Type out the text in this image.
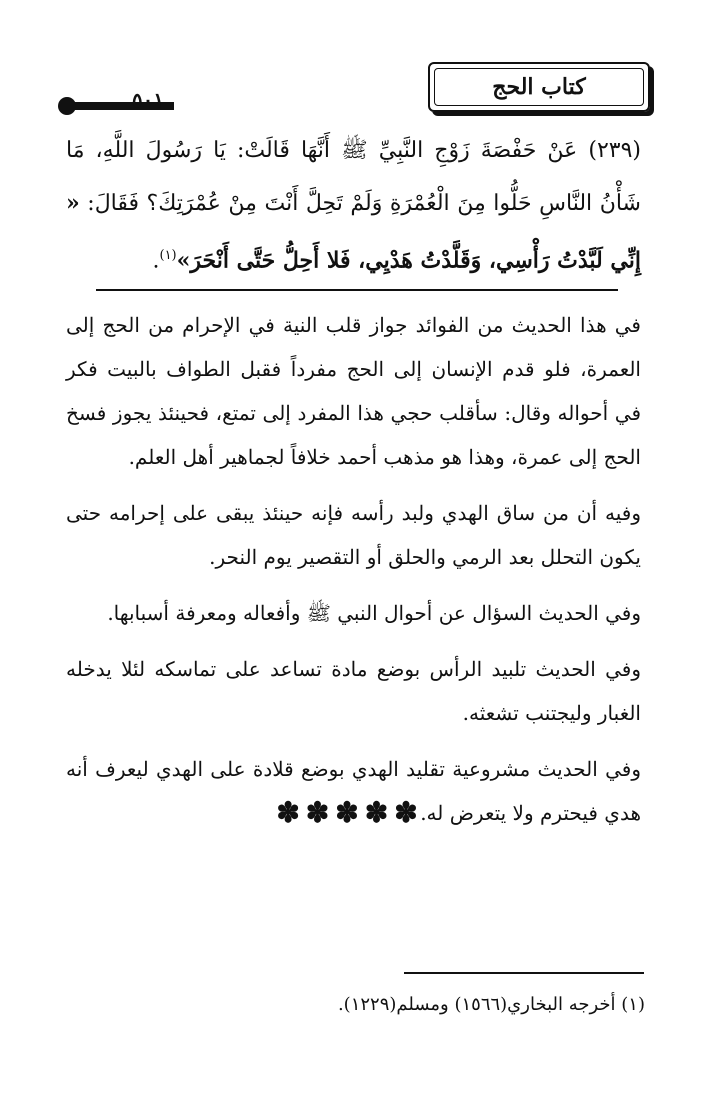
كتاب الحج
٥٠١
(٢٣٩) عَنْ حَفْصَةَ زَوْجِ النَّبِيِّ ﷺ أَنَّهَا قَالَتْ: يَا رَسُولَ اللَّهِ، مَا شَأْنُ النَّاسِ حَلُّوا مِنَ الْعُمْرَةِ وَلَمْ تَحِلَّ أَنْتَ مِنْ عُمْرَتِكَ؟ فَقَالَ: « إِنِّي لَبَّدْتُ رَأْسِي، وَقَلَّدْتُ هَدْيِي، فَلا أَحِلُّ حَتَّى أَنْحَرَ»$^{(١)}$.

في هذا الحديث من الفوائد جواز قلب النية في الإحرام من الحج إلى العمرة، فلو قدم الإنسان إلى الحج مفرداً فقبل الطواف بالبيت فكر في أحواله وقال: سأقلب حجي هذا المفرد إلى تمتع، فحينئذ يجوز فسخ الحج إلى عمرة، وهذا هو مذهب أحمد خلافاً لجماهير أهل العلم.

وفيه أن من ساق الهدي ولبد رأسه فإنه حينئذ يبقى على إحرامه حتى يكون التحلل بعد الرمي والحلق أو التقصير يوم النحر.

وفي الحديث السؤال عن أحوال النبي ﷺ وأفعاله ومعرفة أسبابها.

وفي الحديث تلبيد الرأس بوضع مادة تساعد على تماسكه لئلا يدخله الغبار وليجتنب تشعثه.

وفي الحديث مشروعية تقليد الهدي بوضع قلادة على الهدي ليعرف أنه هدي فيحترم ولا يتعرض له.

✽✽✽✽✽
(١) أخرجه البخاري(١٥٦٦) ومسلم(١٢٢٩).
